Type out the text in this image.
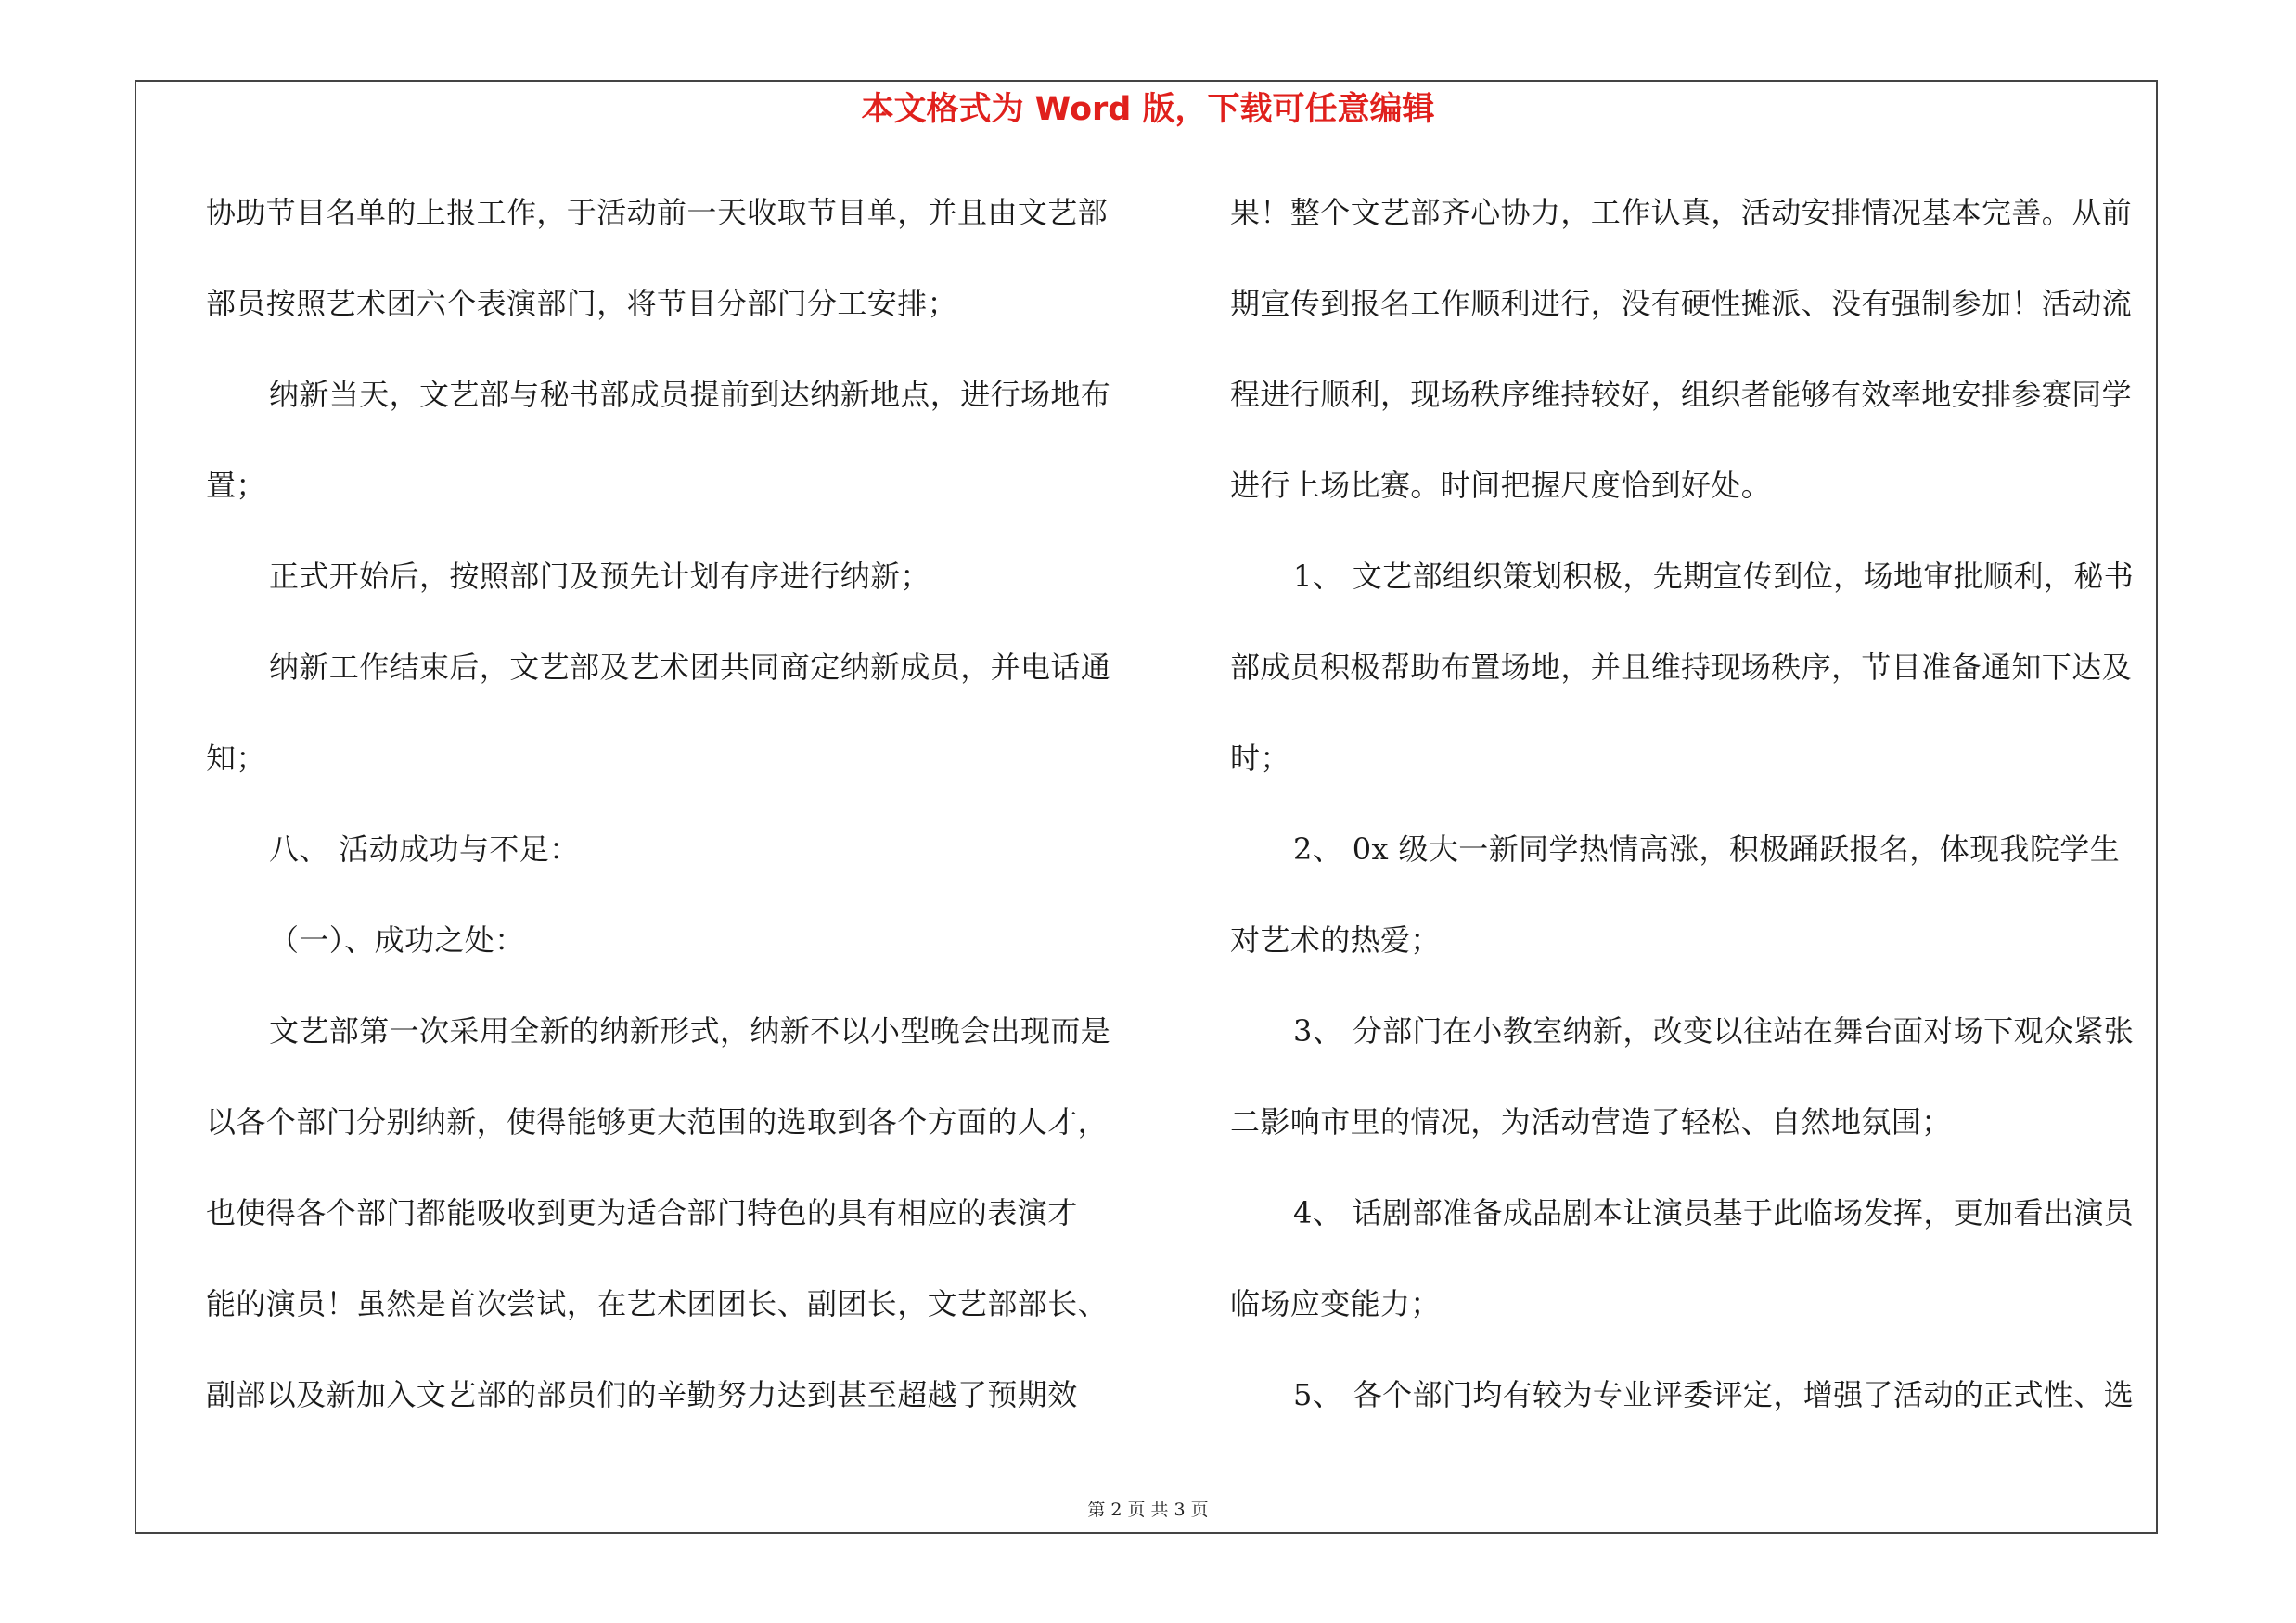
本文格式为 Word 版，下载可任意编辑
协助节目名单的上报工作，于活动前一天收取节目单，并且由文艺部
部员按照艺术团六个表演部门，将节目分部门分工安排；
纳新当天，文艺部与秘书部成员提前到达纳新地点，进行场地布
置；
正式开始后，按照部门及预先计划有序进行纳新；
纳新工作结束后，文艺部及艺术团共同商定纳新成员，并电话通
知；
八、 活动成功与不足：
（一）、成功之处：
文艺部第一次采用全新的纳新形式，纳新不以小型晚会出现而是
以各个部门分别纳新，使得能够更大范围的选取到各个方面的人才，
也使得各个部门都能吸收到更为适合部门特色的具有相应的表演才
能的演员！虽然是首次尝试，在艺术团团长、副团长，文艺部部长、
副部以及新加入文艺部的部员们的辛勤努力达到甚至超越了预期效
果！整个文艺部齐心协力，工作认真，活动安排情况基本完善。从前
期宣传到报名工作顺利进行，没有硬性摊派、没有强制参加！活动流
程进行顺利，现场秩序维持较好，组织者能够有效率地安排参赛同学
进行上场比赛。时间把握尺度恰到好处。
1、 文艺部组织策划积极，先期宣传到位，场地审批顺利，秘书
部成员积极帮助布置场地，并且维持现场秩序，节目准备通知下达及
时；
2、 0x 级大一新同学热情高涨，积极踊跃报名，体现我院学生
对艺术的热爱；
3、 分部门在小教室纳新，改变以往站在舞台面对场下观众紧张
二影响市里的情况，为活动营造了轻松、自然地氛围；
4、 话剧部准备成品剧本让演员基于此临场发挥，更加看出演员
临场应变能力；
5、 各个部门均有较为专业评委评定，增强了活动的正式性、选
第 2 页 共 3 页
